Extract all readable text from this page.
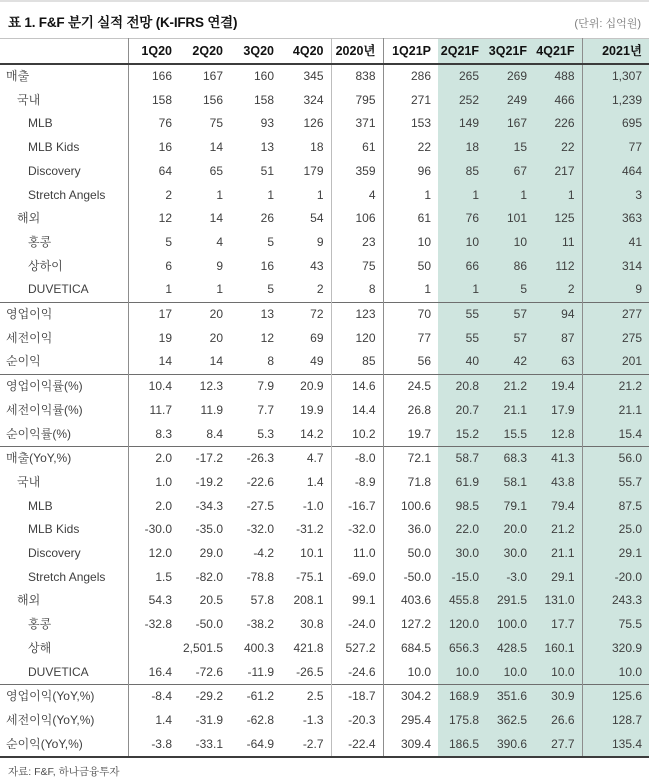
표 1. F&F 분기 실적 전망 (K-IFRS 연결)	(단위: 십억원)
	1Q20	2Q20	3Q20	4Q20	2020년	1Q21P	2Q21F	3Q21F	4Q21F	2021년
매출	166	167	160	345	838	286	265	269	488	1,307
국내	158	156	158	324	795	271	252	249	466	1,239
MLB	76	75	93	126	371	153	149	167	226	695
MLB Kids	16	14	13	18	61	22	18	15	22	77
Discovery	64	65	51	179	359	96	85	67	217	464
Stretch Angels	2	1	1	1	4	1	1	1	1	3
해외	12	14	26	54	106	61	76	101	125	363
홍콩	5	4	5	9	23	10	10	10	11	41
상하이	6	9	16	43	75	50	66	86	112	314
DUVETICA	1	1	5	2	8	1	1	5	2	9
영업이익	17	20	13	72	123	70	55	57	94	277
세전이익	19	20	12	69	120	77	55	57	87	275
순이익	14	14	8	49	85	56	40	42	63	201
영업이익률(%)	10.4	12.3	7.9	20.9	14.6	24.5	20.8	21.2	19.4	21.2
세전이익률(%)	11.7	11.9	7.7	19.9	14.4	26.8	20.7	21.1	17.9	21.1
순이익률(%)	8.3	8.4	5.3	14.2	10.2	19.7	15.2	15.5	12.8	15.4
매출(YoY,%)	2.0	-17.2	-26.3	4.7	-8.0	72.1	58.7	68.3	41.3	56.0
국내	1.0	-19.2	-22.6	1.4	-8.9	71.8	61.9	58.1	43.8	55.7
MLB	2.0	-34.3	-27.5	-1.0	-16.7	100.6	98.5	79.1	79.4	87.5
MLB Kids	-30.0	-35.0	-32.0	-31.2	-32.0	36.0	22.0	20.0	21.2	25.0
Discovery	12.0	29.0	-4.2	10.1	11.0	50.0	30.0	30.0	21.1	29.1
Stretch Angels	1.5	-82.0	-78.8	-75.1	-69.0	-50.0	-15.0	-3.0	29.1	-20.0
해외	54.3	20.5	57.8	208.1	99.1	403.6	455.8	291.5	131.0	243.3
홍콩	-32.8	-50.0	-38.2	30.8	-24.0	127.2	120.0	100.0	17.7	75.5
상해		2,501.5	400.3	421.8	527.2	684.5	656.3	428.5	160.1	320.9
DUVETICA	16.4	-72.6	-11.9	-26.5	-24.6	10.0	10.0	10.0	10.0	10.0
영업이익(YoY,%)	-8.4	-29.2	-61.2	2.5	-18.7	304.2	168.9	351.6	30.9	125.6
세전이익(YoY,%)	1.4	-31.9	-62.8	-1.3	-20.3	295.4	175.8	362.5	26.6	128.7
순이익(YoY,%)	-3.8	-33.1	-64.9	-2.7	-22.4	309.4	186.5	390.6	27.7	135.4
자료: F&F, 하나금융투자
